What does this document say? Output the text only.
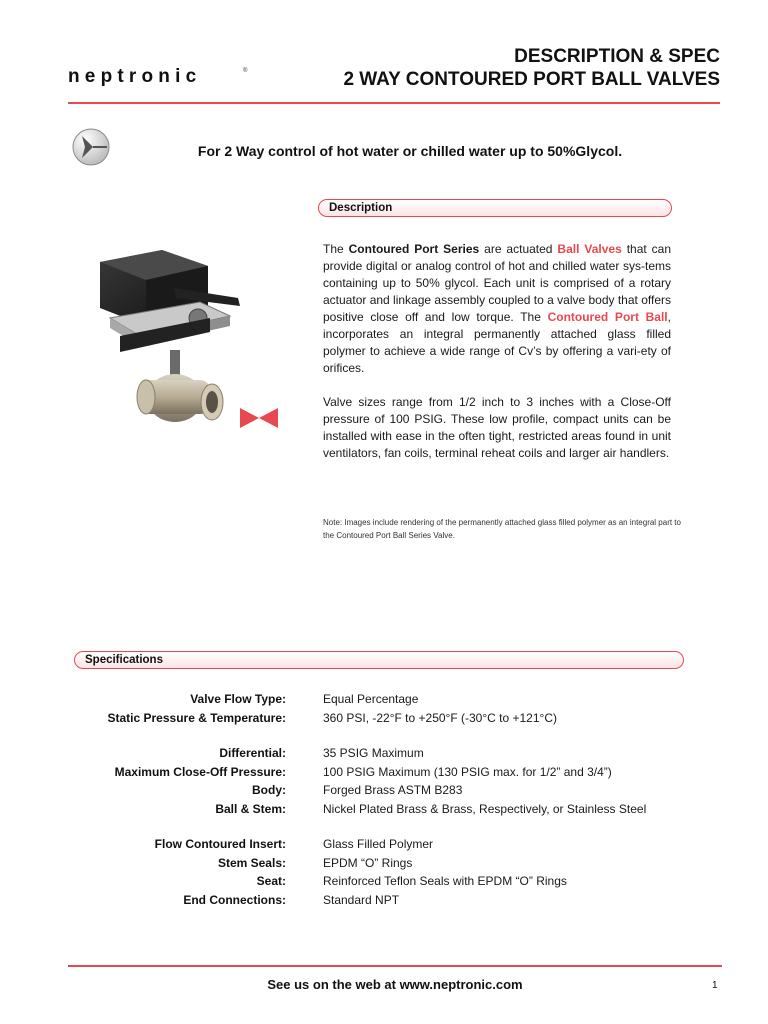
neptronic	®
DESCRIPTION & SPEC
2 WAY CONTOURED PORT BALL VALVES
For 2 Way control of hot water or chilled water up to 50%Glycol.
Description

The Contoured Port Series are actuated Ball Valves that can provide digital or analog control of hot and chilled water sys-tems containing up to 50% glycol. Each unit is comprised of a rotary actuator and linkage assembly coupled to a valve body that offers positive close off and low torque. The Contoured Port Ball, incorporates an integral permanently attached glass filled polymer to achieve a wide range of Cv’s by offering a vari-ety of orifices.

Valve sizes range from 1/2 inch to 3 inches with a Close-Off pressure of 100 PSIG. These low profile, compact units can be installed with ease in the often tight, restricted areas found in unit ventilators, fan coils, terminal reheat coils and larger air handlers.

Note: Images include rendering of the permanently attached glass filled polymer as an integral part to the Contoured Port Ball Series Valve.

Specifications
Valve Flow Type:	Equal Percentage
Static Pressure & Temperature:	360 PSI, -22°F to +250°F (-30°C to +121°C)
Differential:	35 PSIG Maximum
Maximum Close-Off Pressure:	100 PSIG Maximum (130 PSIG max. for 1/2” and 3/4”)
Body:	Forged Brass ASTM B283
Ball & Stem:	Nickel Plated Brass & Brass, Respectively, or Stainless Steel
Flow Contoured Insert:	Glass Filled Polymer
Stem Seals:	EPDM “O” Rings
Seat:	Reinforced Teflon Seals with EPDM “O” Rings
End Connections:	Standard NPT
See us on the web at www.neptronic.com	1
